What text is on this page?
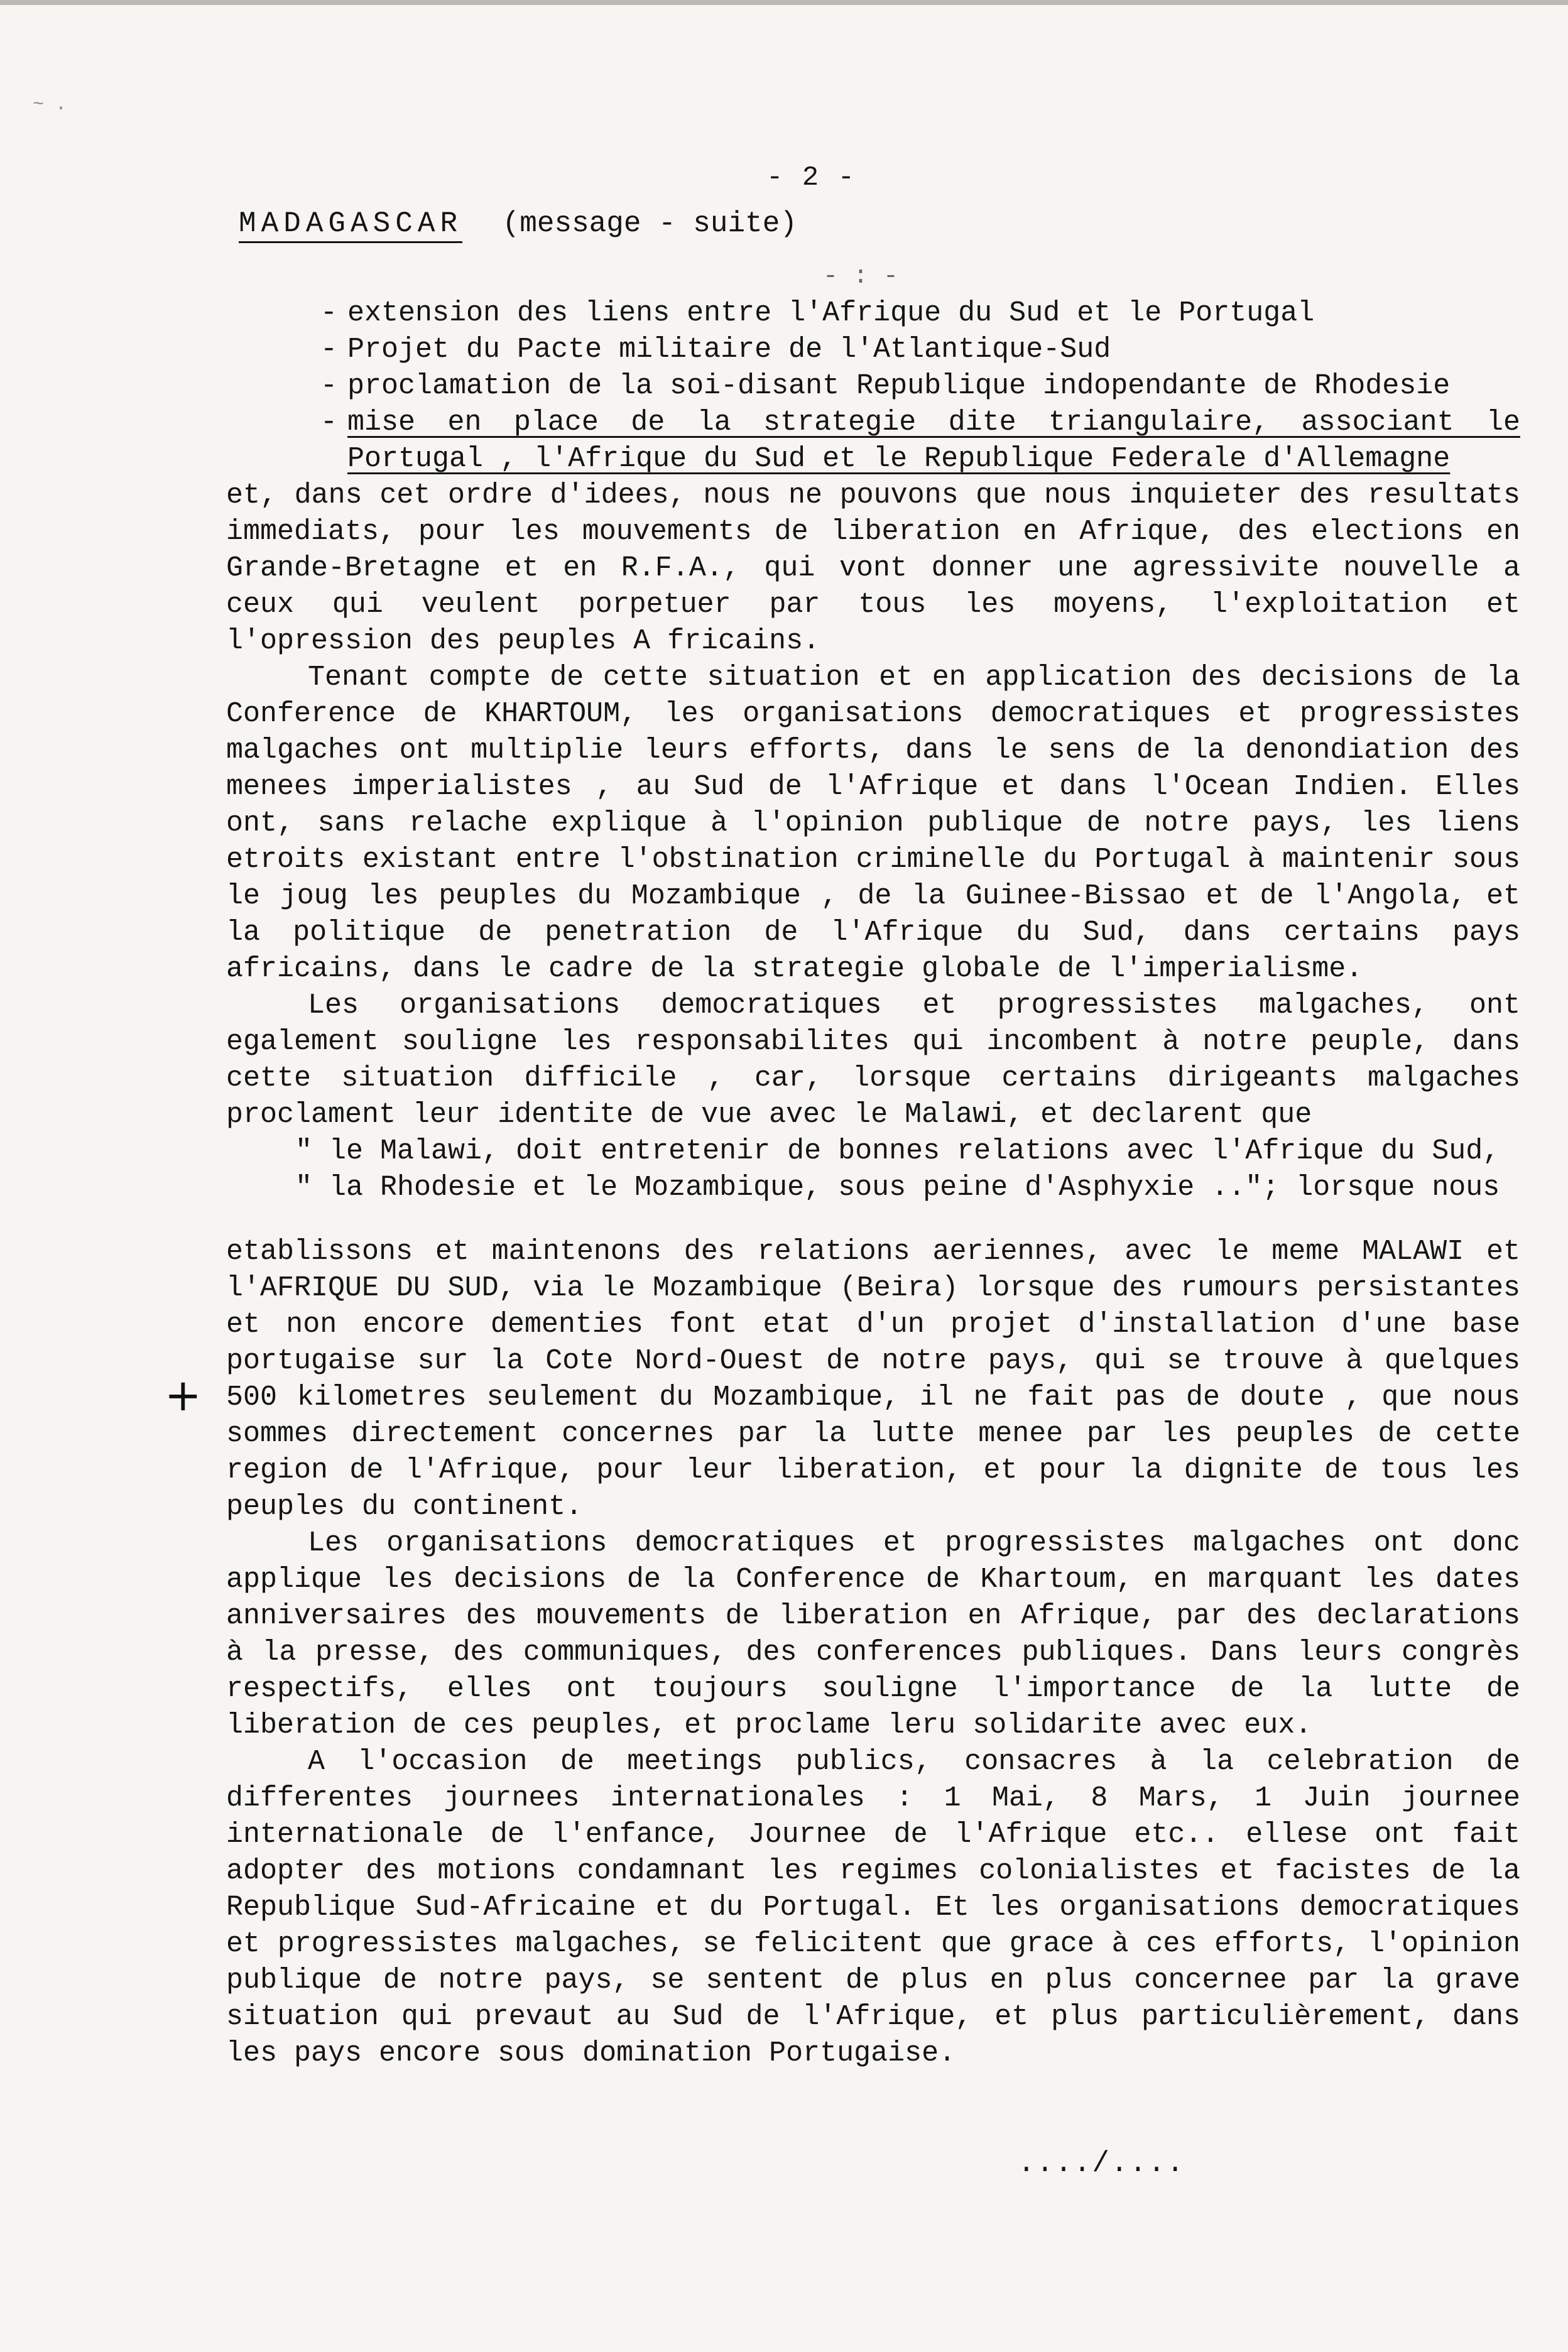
~ .
- 2 -
MADAGASCAR (message - suite)
- : -

- extension des liens entre l'Afrique du Sud et le Portugal

- Projet du Pacte militaire de l'Atlantique-Sud

- proclamation de la soi-disant Republique indopendante de Rhodesie

- mise en place de la strategie dite triangulaire, associant le Portugal , l'Afrique du Sud et le Republique Federale d'Allemagne

et, dans cet ordre d'idees, nous ne pouvons que nous inquieter des resultats immediats, pour les mouvements de liberation en Afrique, des elections en Grande-Bretagne et en R.F.A., qui vont donner une agressivite nouvelle a ceux qui veulent porpetuer par tous les moyens, l'exploitation et l'opression des peuples A fricains.

Tenant compte de cette situation et en application des decisions de la Conference de KHARTOUM, les organisations democratiques et progressistes malgaches ont multiplie leurs efforts, dans le sens de la denondiation des menees imperialistes , au Sud de l'Afrique et dans l'Ocean Indien. Elles ont, sans relache explique à l'opinion publique de notre pays, les liens etroits existant entre l'obstination criminelle du Portugal à maintenir sous le joug les peuples du Mozambique , de la Guinee-Bissao et de l'Angola, et la politique de penetration de l'Afrique du Sud, dans certains pays africains, dans le cadre de la strategie globale de l'imperialisme.

Les organisations democratiques et progressistes malgaches, ont egalement souligne les responsabilites qui incombent à notre peuple, dans cette situation difficile , car, lorsque certains dirigeants malgaches proclament leur identite de vue avec le Malawi, et declarent que

" le Malawi, doit entretenir de bonnes relations avec l'Afrique du Sud,

" la Rhodesie et le Mozambique, sous peine d'Asphyxie .."; lorsque nous

etablissons et maintenons des relations aeriennes, avec le meme MALAWI et l'AFRIQUE DU SUD, via le Mozambique (Beira) lorsque des rumours persistantes et non encore dementies font etat d'un projet d'installation d'une base portugaise sur la Cote Nord-Ouest de notre pays, qui se trouve à quelques 500 kilometres seulement du Mozambique, il ne fait pas de doute , que nous sommes directement concernes par la lutte menee par les peuples de cette region de l'Afrique, pour leur liberation, et pour la dignite de tous les peuples du continent.

Les organisations democratiques et progressistes malgaches ont donc applique les decisions de la Conference de Khartoum, en marquant les dates anniversaires des mouvements de liberation en Afrique, par des declarations à la presse, des communiques, des conferences publiques. Dans leurs congrès respectifs, elles ont toujours souligne l'importance de la lutte de liberation de ces peuples, et proclame leru solidarite avec eux.

A l'occasion de meetings publics, consacres à la celebration de differentes journees internationales : 1 Mai, 8 Mars, 1 Juin journee internationale de l'enfance, Journee de l'Afrique etc.. ellese ont fait adopter des motions condamnant les regimes colonialistes et facistes de la Republique Sud-Africaine et du Portugal. Et les organisations democratiques et progressistes malgaches, se felicitent que grace à ces efforts, l'opinion publique de notre pays, se sentent de plus en plus concernee par la grave situation qui prevaut au Sud de l'Afrique, et plus particulièrement, dans les pays encore sous domination Portugaise.

+
..../....
